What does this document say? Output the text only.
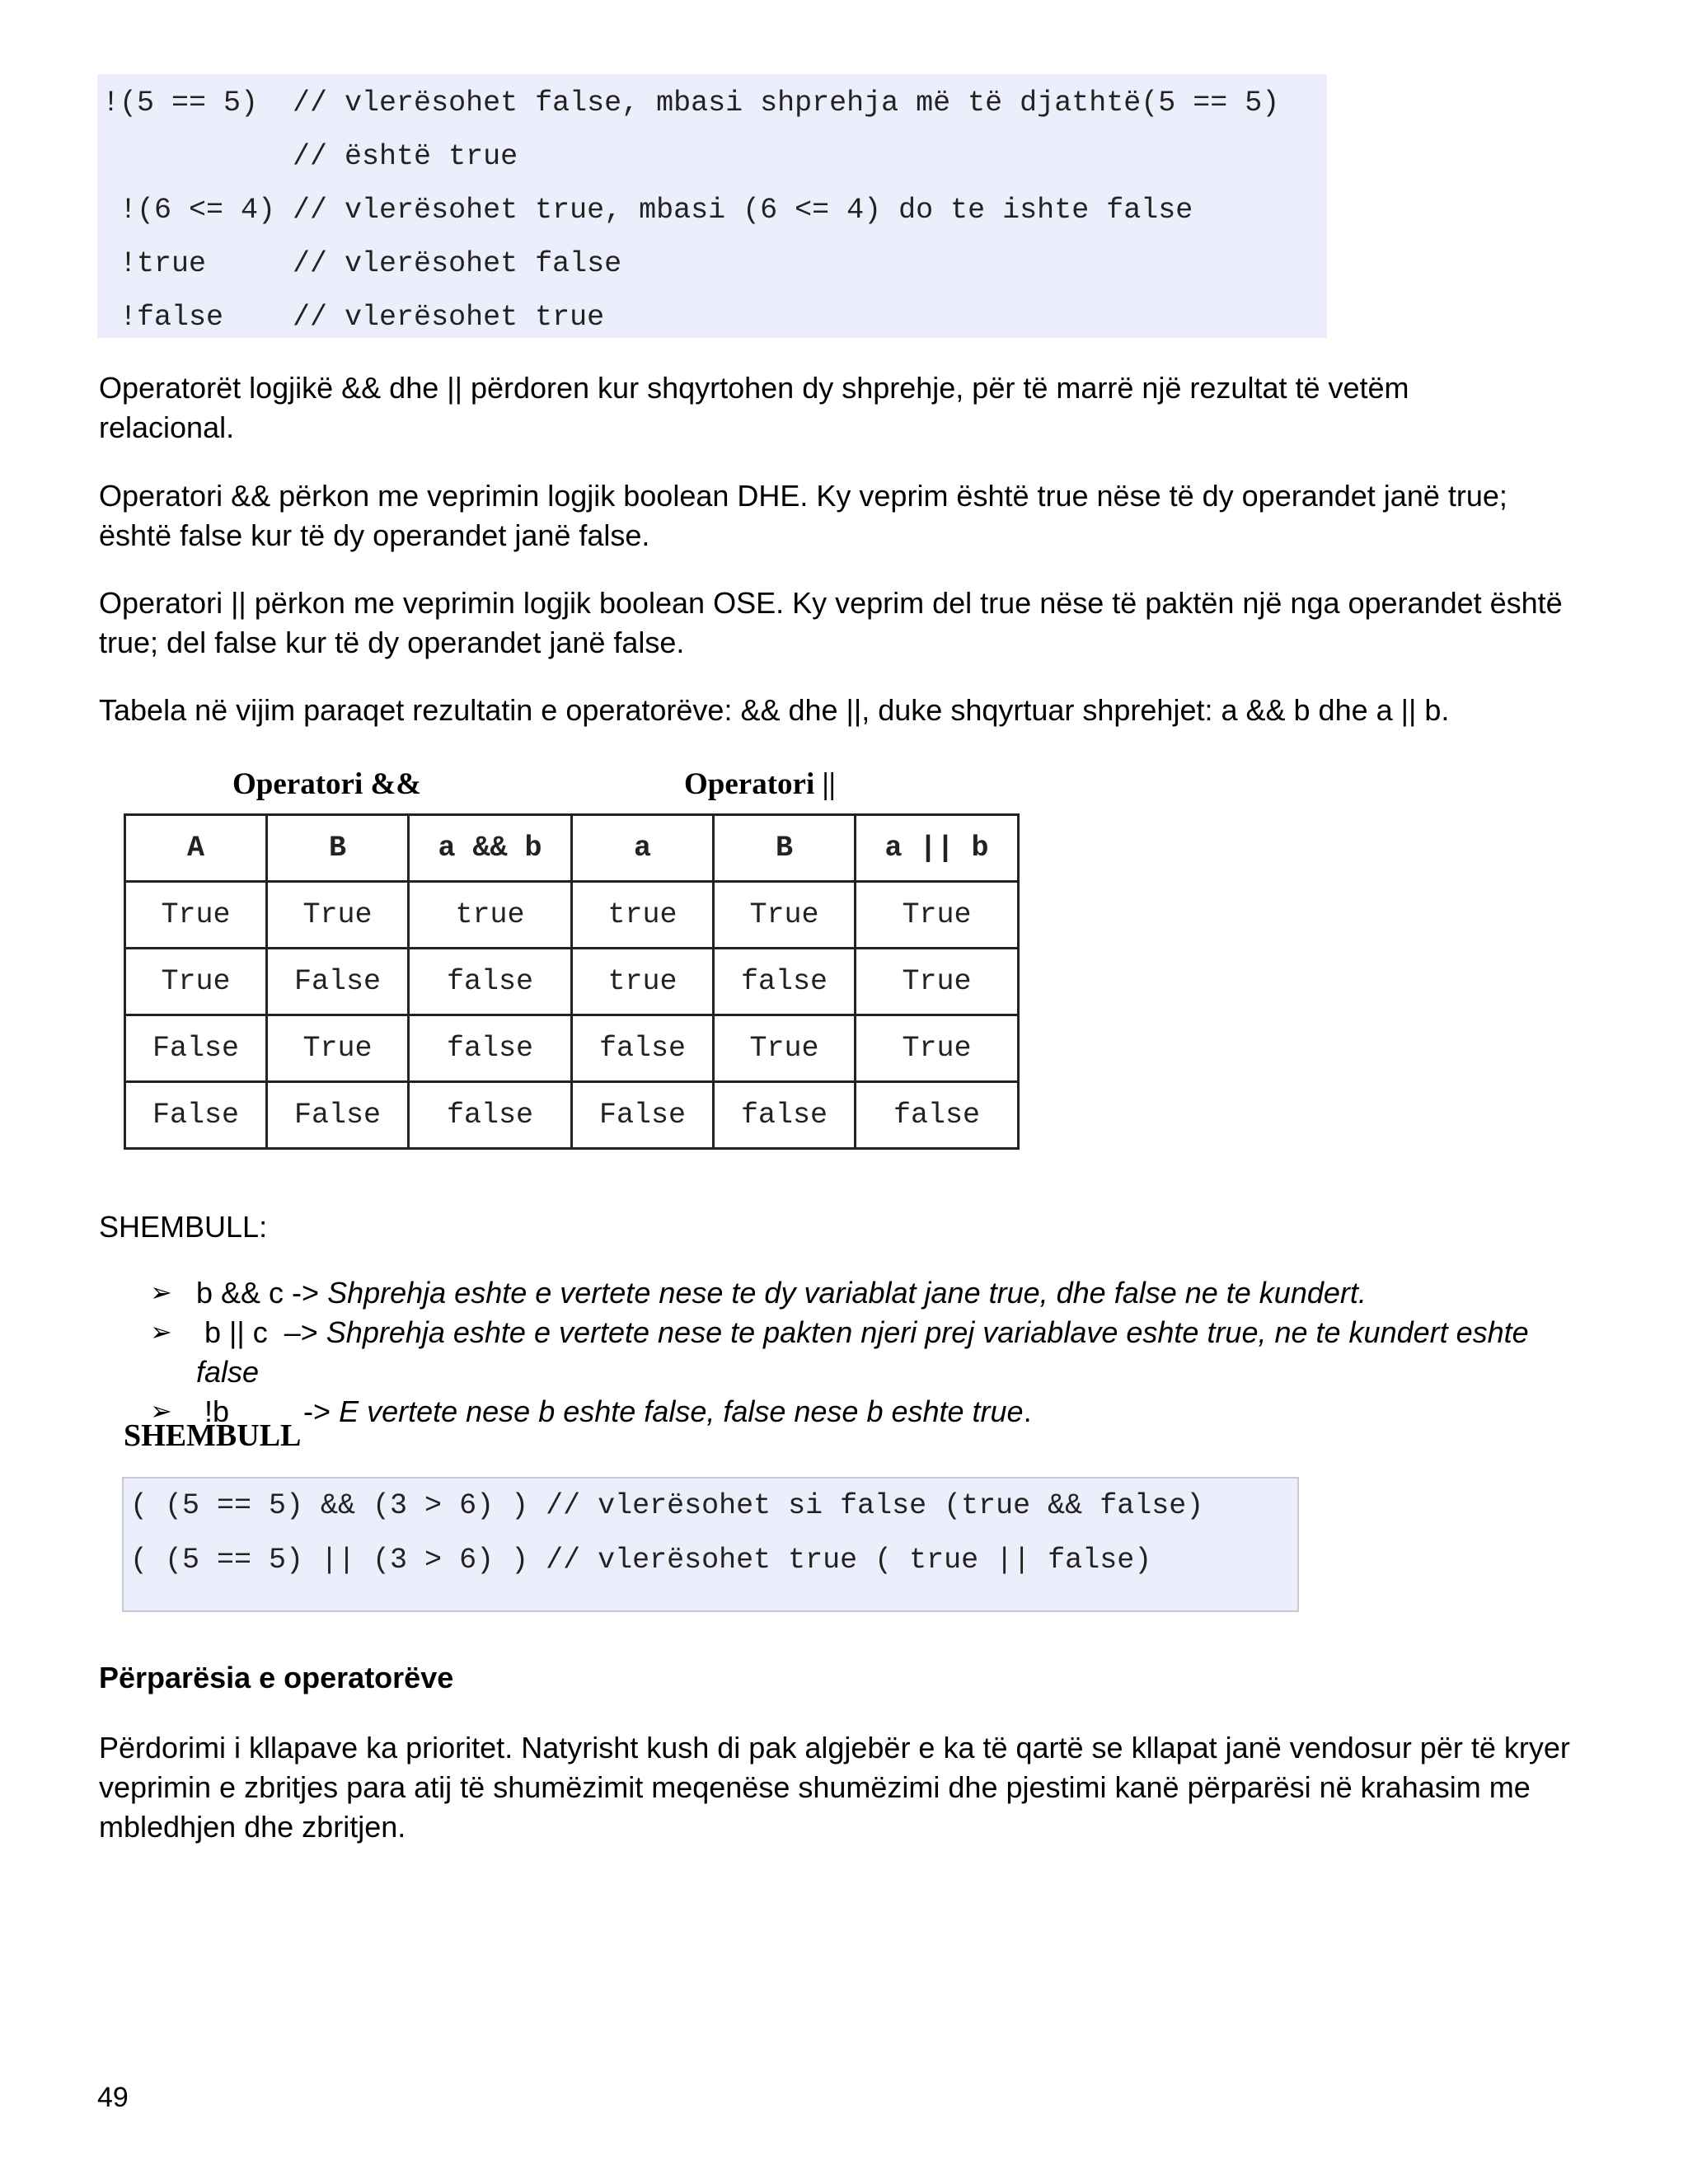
!(5 == 5)  // vlerësohet false, mbasi shprehja më të djathtë(5 == 5)
// është true
!(6 <= 4) // vlerësohet true, mbasi (6 <= 4) do te ishte false
!true     // vlerësohet false
!false    // vlerësohet true
Operatorët logjikë && dhe || përdoren kur shqyrtohen dy shprehje, për të marrë një rezultat të vetëm relacional.
Operatori && përkon me veprimin logjik boolean DHE. Ky veprim është true nëse të dy operandet janë true; është false kur të dy operandet janë false.
Operatori || përkon me veprimin logjik boolean OSE. Ky veprim del true nëse të paktën një nga operandet është true; del false kur të dy operandet janë false.
Tabela në vijim paraqet rezultatin e operatorëve: && dhe ||, duke shqyrtuar shprehjet: a && b dhe a || b.
Operatori &&	Operatori ||
A	B	a && b	a	B	a || b
True	True	true	true	True	True
True	False	false	true	false	True
False	True	false	false	True	True
False	False	false	False	false	false
SHEMBULL:
➢ b && c -> Shprehja eshte e vertete nese te dy variablat jane true, dhe false ne te kundert.
➢ b || c  –> Shprehja eshte e vertete nese te pakten njeri prej variablave eshte true, ne te kundert eshte
false
➢ !b         -> E vertete nese b eshte false, false nese b eshte true.
SHEMBULL
( (5 == 5) && (3 > 6) ) // vlerësohet si false (true && false)
( (5 == 5) || (3 > 6) ) // vlerësohet true ( true || false)
Përparësia e operatorëve
Përdorimi i kllapave ka prioritet. Natyrisht kush di pak algjebër e ka të qartë se kllapat janë vendosur për të kryer veprimin e zbritjes para atij të shumëzimit meqenëse shumëzimi dhe pjestimi kanë përparësi në krahasim me mbledhjen dhe zbritjen.
49
